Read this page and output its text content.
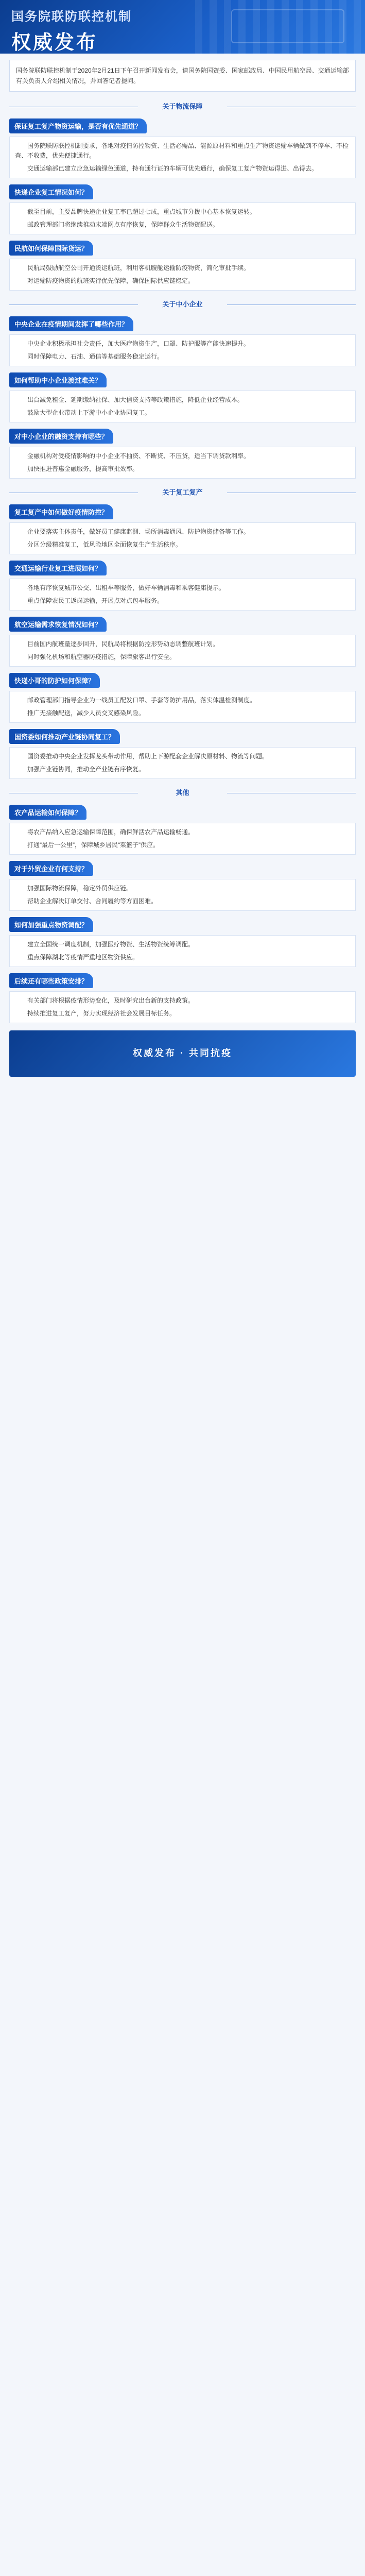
国务院联防联控机制
权威发布
国务院联防联控机制于2020年2月21日下午召开新闻发布会，请国务院国资委、国家邮政局、中国民用航空局、交通运输部有关负责人介绍相关情况，并回答记者提问。
关于物流保障
保证复工复产物资运输，是否有优先通道？

国务院联防联控机制要求，各地对疫情防控物资、生活必需品、能源原材料和重点生产物资运输车辆做到不停车、不检查、不收费，优先便捷通行。

交通运输部已建立应急运输绿色通道，持有通行证的车辆可优先通行，确保复工复产物资运得进、出得去。

快递企业复工情况如何？

截至目前，主要品牌快递企业复工率已超过七成，重点城市分拨中心基本恢复运转。

邮政管理部门将继续推动末端网点有序恢复，保障群众生活物资配送。

民航如何保障国际货运？

民航局鼓励航空公司开通货运航班，利用客机腹舱运输防疫物资，简化审批手续。

对运输防疫物资的航班实行优先保障，确保国际供应链稳定。

关于中小企业
中央企业在疫情期间发挥了哪些作用？

中央企业积极承担社会责任，加大医疗物资生产，口罩、防护服等产能快速提升。

同时保障电力、石油、通信等基础服务稳定运行。

如何帮助中小企业渡过难关？

出台减免租金、延期缴纳社保、加大信贷支持等政策措施，降低企业经营成本。

鼓励大型企业带动上下游中小企业协同复工。

对中小企业的融资支持有哪些？

金融机构对受疫情影响的中小企业不抽贷、不断贷、不压贷，适当下调贷款利率。

加快推进普惠金融服务，提高审批效率。

关于复工复产
复工复产中如何做好疫情防控？

企业要落实主体责任，做好员工健康监测、场所消毒通风、防护物资储备等工作。

分区分级精准复工，低风险地区全面恢复生产生活秩序。

交通运输行业复工进展如何？

各地有序恢复城市公交、出租车等服务，做好车辆消毒和乘客健康提示。

重点保障农民工返岗运输，开展点对点包车服务。

航空运输需求恢复情况如何？

目前国内航班量逐步回升，民航局将根据防控形势动态调整航班计划。

同时强化机场和航空器防疫措施，保障旅客出行安全。

快递小哥的防护如何保障？

邮政管理部门指导企业为一线员工配发口罩、手套等防护用品，落实体温检测制度。

推广无接触配送，减少人员交叉感染风险。

国资委如何推动产业链协同复工？

国资委推动中央企业发挥龙头带动作用，帮助上下游配套企业解决原材料、物流等问题。

加强产业链协同，推动全产业链有序恢复。

其他
农产品运输如何保障？

将农产品纳入应急运输保障范围，确保鲜活农产品运输畅通。

打通“最后一公里”，保障城乡居民“菜篮子”供应。

对于外贸企业有何支持？

加强国际物流保障，稳定外贸供应链。

帮助企业解决订单交付、合同履约等方面困难。

如何加强重点物资调配？

建立全国统一调度机制，加强医疗物资、生活物资统筹调配。

重点保障湖北等疫情严重地区物资供应。

后续还有哪些政策安排？

有关部门将根据疫情形势变化，及时研究出台新的支持政策。

持续推进复工复产，努力实现经济社会发展目标任务。

权威发布 · 共同抗疫
